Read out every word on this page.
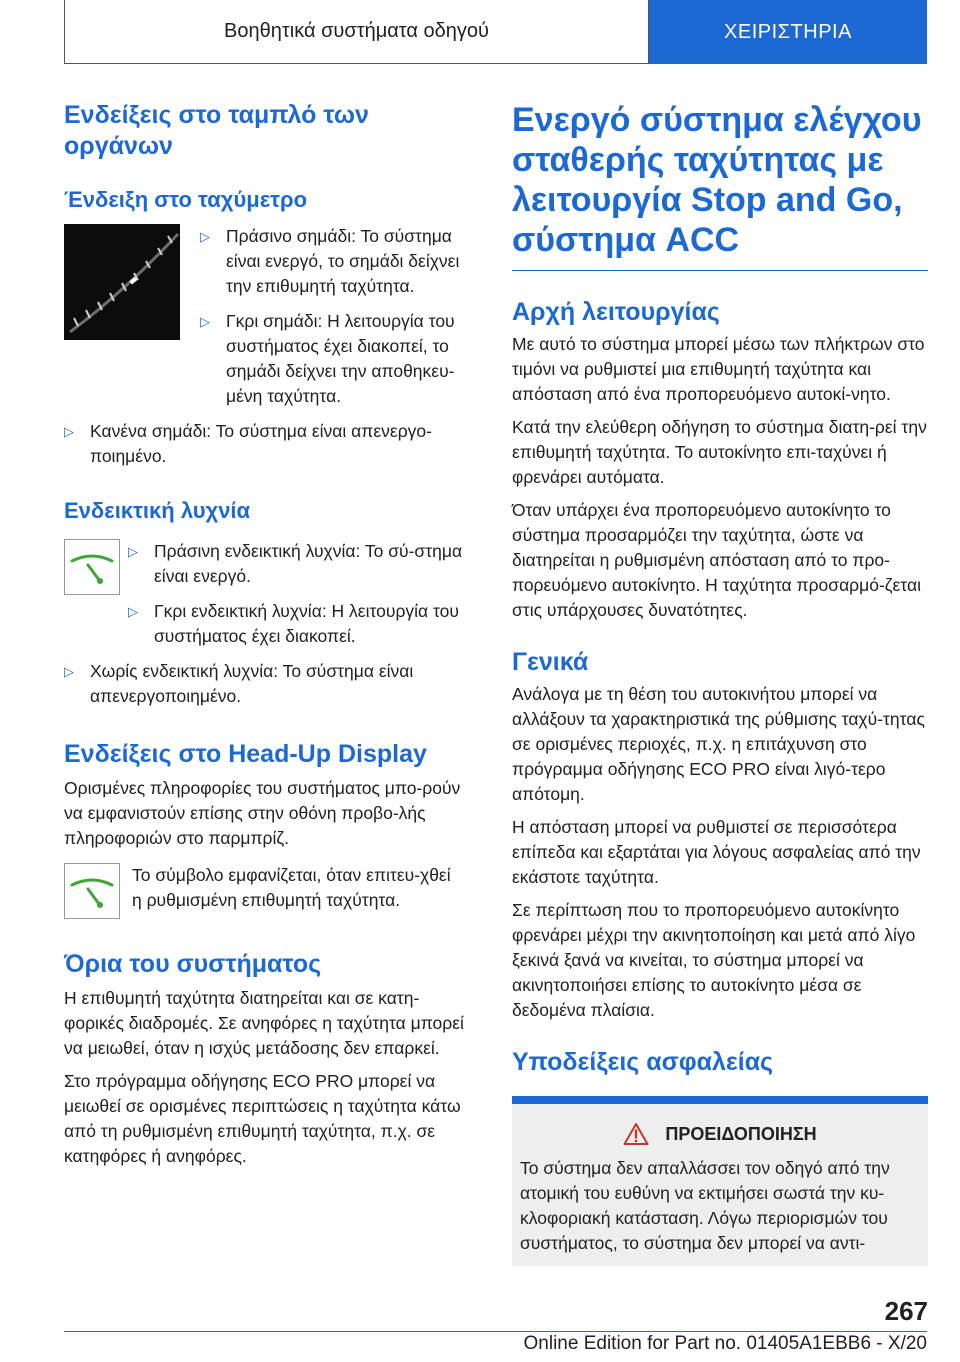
Βοηθητικά συστήματα οδηγού	ΧΕΙΡΙΣΤΗΡΙΑ
Ενδείξεις στο ταμπλό των οργάνων
Ένδειξη στο ταχύμετρο
▷ Πράσινο σημάδι: Το σύστημα είναι ενεργό, το σημάδι δείχνει την επιθυμητή ταχύτητα.
▷ Γκρι σημάδι: Η λειτουργία του συστήματος έχει διακοπεί, το σημάδι δείχνει την αποθηκευ-μένη ταχύτητα.
▷ Κανένα σημάδι: Το σύστημα είναι απενεργο-ποιημένο.
Ενδεικτική λυχνία
▷ Πράσινη ενδεικτική λυχνία: Το σύ-στημα είναι ενεργό.
▷ Γκρι ενδεικτική λυχνία: Η λειτουργία του συστήματος έχει διακοπεί.
▷ Χωρίς ενδεικτική λυχνία: Το σύστημα είναι απενεργοποιημένο.
Ενδείξεις στο Head-Up Display

Ορισμένες πληροφορίες του συστήματος μπο-ρούν να εμφανιστούν επίσης στην οθόνη προβο-λής πληροφοριών στο παρμπρίζ.

Το σύμβολο εμφανίζεται, όταν επιτευ-χθεί η ρυθμισμένη επιθυμητή ταχύτητα.

Όρια του συστήματος

Η επιθυμητή ταχύτητα διατηρείται και σε κατη-φορικές διαδρομές. Σε ανηφόρες η ταχύτητα μπορεί να μειωθεί, όταν η ισχύς μετάδοσης δεν επαρκεί.

Στο πρόγραμμα οδήγησης ECO PRO μπορεί να μειωθεί σε ορισμένες περιπτώσεις η ταχύτητα κάτω από τη ρυθμισμένη επιθυμητή ταχύτητα, π.χ. σε κατηφόρες ή ανηφόρες.

Ενεργό σύστημα ελέγχου σταθερής ταχύτητας με λειτουργία Stop and Go, σύστημα ACC
Αρχή λειτουργίας

Με αυτό το σύστημα μπορεί μέσω των πλήκτρων στο τιμόνι να ρυθμιστεί μια επιθυμητή ταχύτητα και απόσταση από ένα προπορευόμενο αυτοκί-νητο.

Κατά την ελεύθερη οδήγηση το σύστημα διατη-ρεί την επιθυμητή ταχύτητα. Το αυτοκίνητο επι-ταχύνει ή φρενάρει αυτόματα.

Όταν υπάρχει ένα προπορευόμενο αυτοκίνητο το σύστημα προσαρμόζει την ταχύτητα, ώστε να διατηρείται η ρυθμισμένη απόσταση από το προ-πορευόμενο αυτοκίνητο. Η ταχύτητα προσαρμό-ζεται στις υπάρχουσες δυνατότητες.

Γενικά

Ανάλογα με τη θέση του αυτοκινήτου μπορεί να αλλάξουν τα χαρακτηριστικά της ρύθμισης ταχύ-τητας σε ορισμένες περιοχές, π.χ. η επιτάχυνση στο πρόγραμμα οδήγησης ECO PRO είναι λιγό-τερο απότομη.

Η απόσταση μπορεί να ρυθμιστεί σε περισσότερα επίπεδα και εξαρτάται για λόγους ασφαλείας από την εκάστοτε ταχύτητα.

Σε περίπτωση που το προπορευόμενο αυτοκίνητο φρενάρει μέχρι την ακινητοποίηση και μετά από λίγο ξεκινά ξανά να κινείται, το σύστημα μπορεί να ακινητοποιήσει επίσης το αυτοκίνητο μέσα σε δεδομένα πλαίσια.

Υποδείξεις ασφαλείας
ΠΡΟΕΙΔΟΠΟΙΗΣΗ

Το σύστημα δεν απαλλάσσει τον οδηγό από την ατομική του ευθύνη να εκτιμήσει σωστά την κυ-κλοφοριακή κατάσταση. Λόγω περιορισμών του συστήματος, το σύστημα δεν μπορεί να αντι-

267
Online Edition for Part no. 01405A1EBB6 - X/20
